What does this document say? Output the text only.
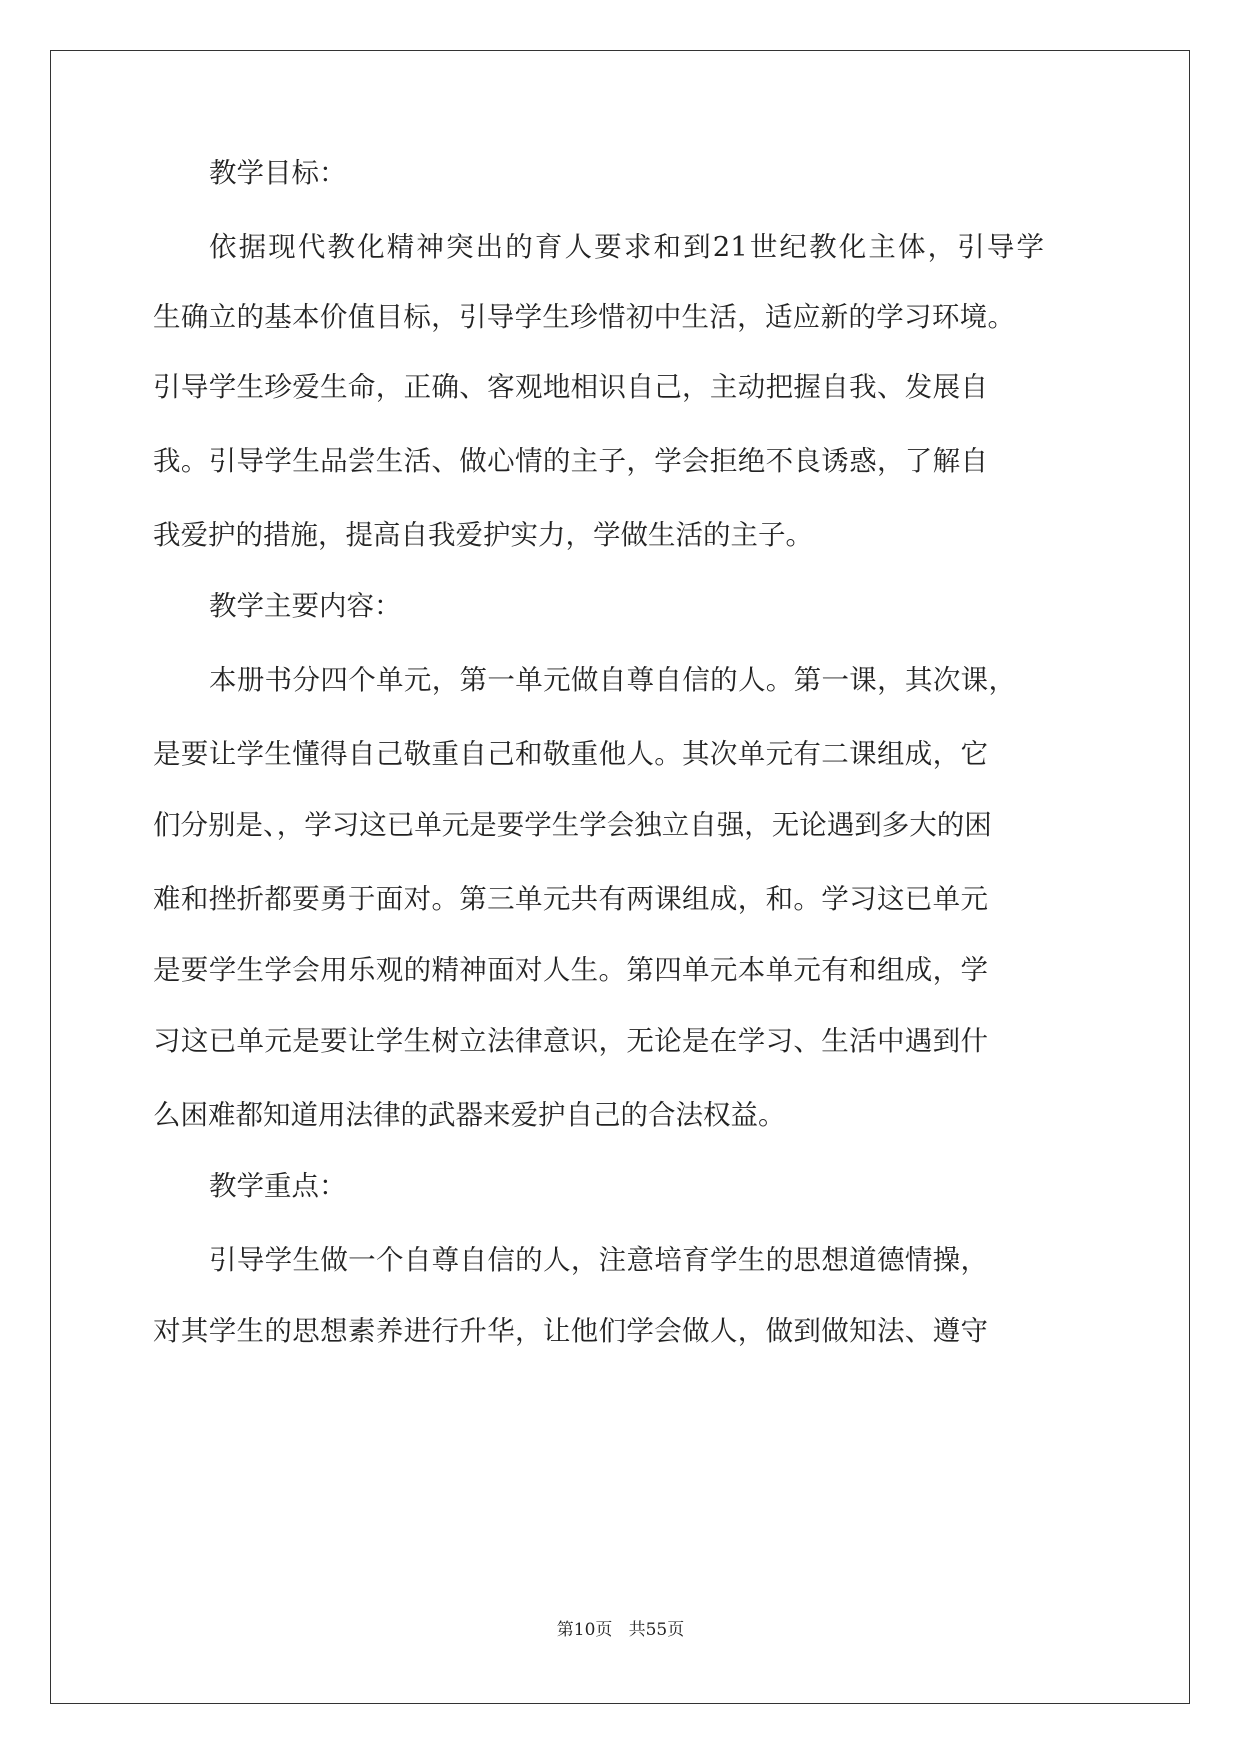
教学目标：
依据现代教化精神突出的育人要求和到21世纪教化主体，引导学
生确立的基本价值目标，引导学生珍惜初中生活，适应新的学习环境。
引导学生珍爱生命，正确、客观地相识自己，主动把握自我、发展自
我。引导学生品尝生活、做心情的主子，学会拒绝不良诱惑，了解自
我爱护的措施，提高自我爱护实力，学做生活的主子。
教学主要内容：
本册书分四个单元，第一单元做自尊自信的人。第一课，其次课，
是要让学生懂得自己敬重自己和敬重他人。其次单元有二课组成，它
们分别是、，学习这已单元是要学生学会独立自强，无论遇到多大的困
难和挫折都要勇于面对。第三单元共有两课组成，和。学习这已单元
是要学生学会用乐观的精神面对人生。第四单元本单元有和组成，学
习这已单元是要让学生树立法律意识，无论是在学习、生活中遇到什
么困难都知道用法律的武器来爱护自己的合法权益。
教学重点：
引导学生做一个自尊自信的人，注意培育学生的思想道德情操，
对其学生的思想素养进行升华，让他们学会做人，做到做知法、遵守
第10页 共55页
